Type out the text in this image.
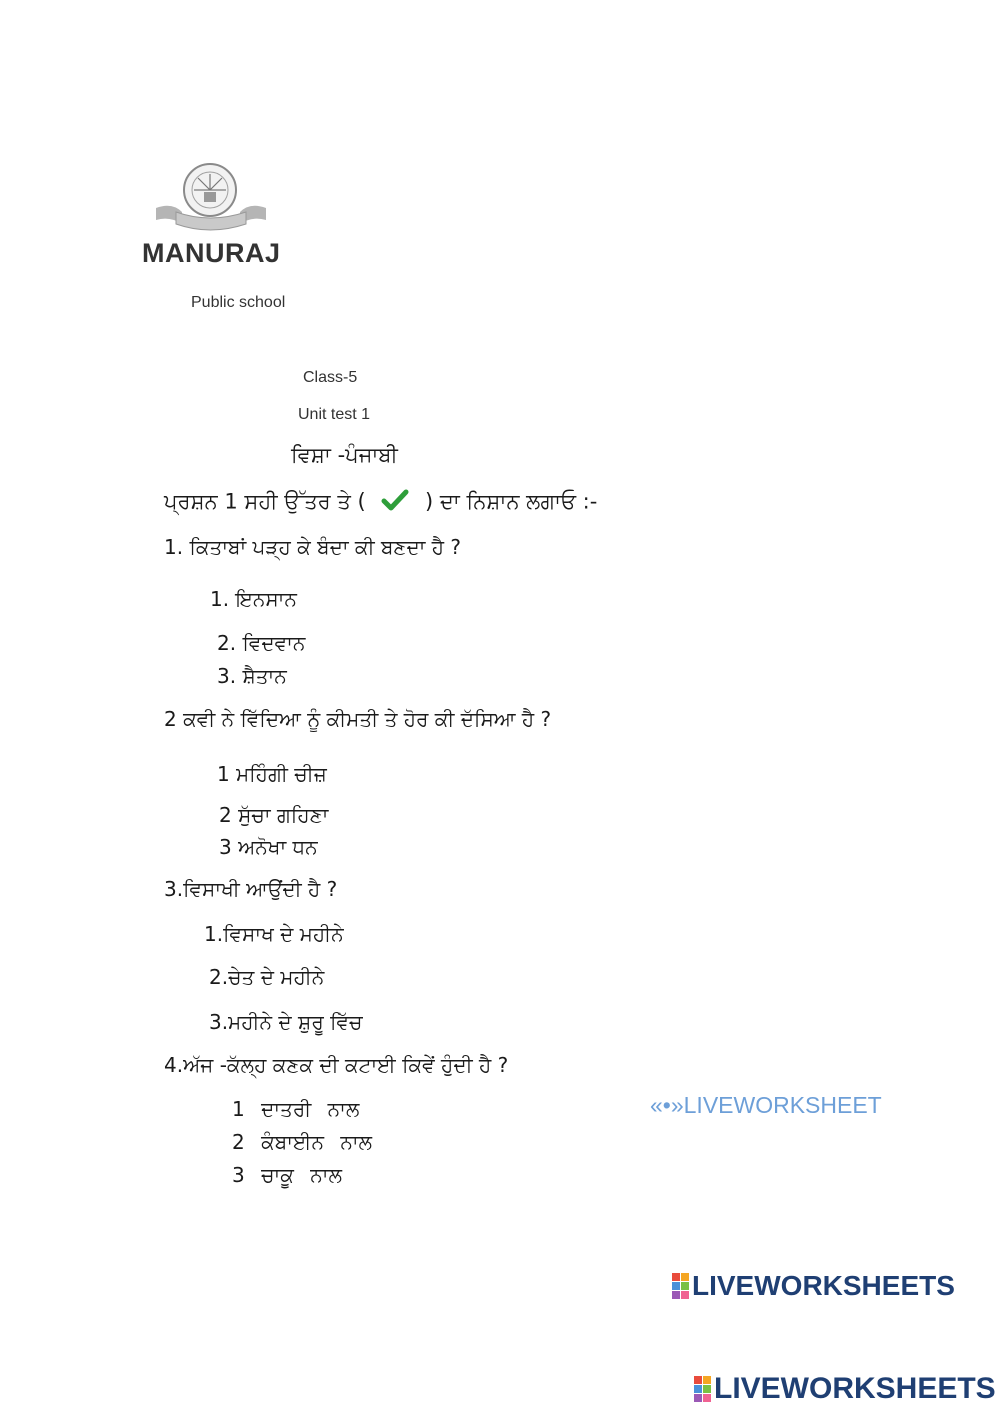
MANURAJ
Public school
Class-5
Unit test 1
ਵਿਸ਼ਾ -ਪੰਜਾਬੀ
ਪ੍ਰਸ਼ਨ 1 ਸਹੀ ਉੱਤਰ ਤੇ (	) ਦਾ ਨਿਸ਼ਾਨ ਲਗਾਓ :-
1. ਕਿਤਾਬਾਂ ਪੜ੍ਹ ਕੇ ਬੰਦਾ ਕੀ ਬਣਦਾ ਹੈ ?
1. ਇਨਸਾਨ
2. ਵਿਦਵਾਨ
3. ਸ਼ੈਤਾਨ
2 ਕਵੀ ਨੇ ਵਿੱਦਿਆ ਨੂੰ ਕੀਮਤੀ ਤੇ ਹੋਰ ਕੀ ਦੱਸਿਆ ਹੈ ?
1 ਮਹਿੰਗੀ ਚੀਜ਼
2 ਸੁੱਚਾ ਗਹਿਣਾ
3 ਅਨੋਖਾ ਧਨ
3.ਵਿਸਾਖੀ ਆਉਂਦੀ ਹੈ ?
1.ਵਿਸਾਖ ਦੇ ਮਹੀਨੇ
2.ਚੇਤ ਦੇ ਮਹੀਨੇ
3.ਮਹੀਨੇ ਦੇ ਸ਼ੁਰੂ ਵਿੱਚ
4.ਅੱਜ -ਕੱਲ੍ਹ ਕਣਕ ਦੀ ਕਟਾਈ ਕਿਵੇਂ ਹੁੰਦੀ ਹੈ ?
1 ਦਾਤਰੀ ਨਾਲ
2 ਕੰਬਾਈਨ ਨਾਲ
3 ਚਾਕੂ ਨਾਲ
«•»LIVEWORKSHEET
LIVEWORKSHEETS
LIVEWORKSHEETS
